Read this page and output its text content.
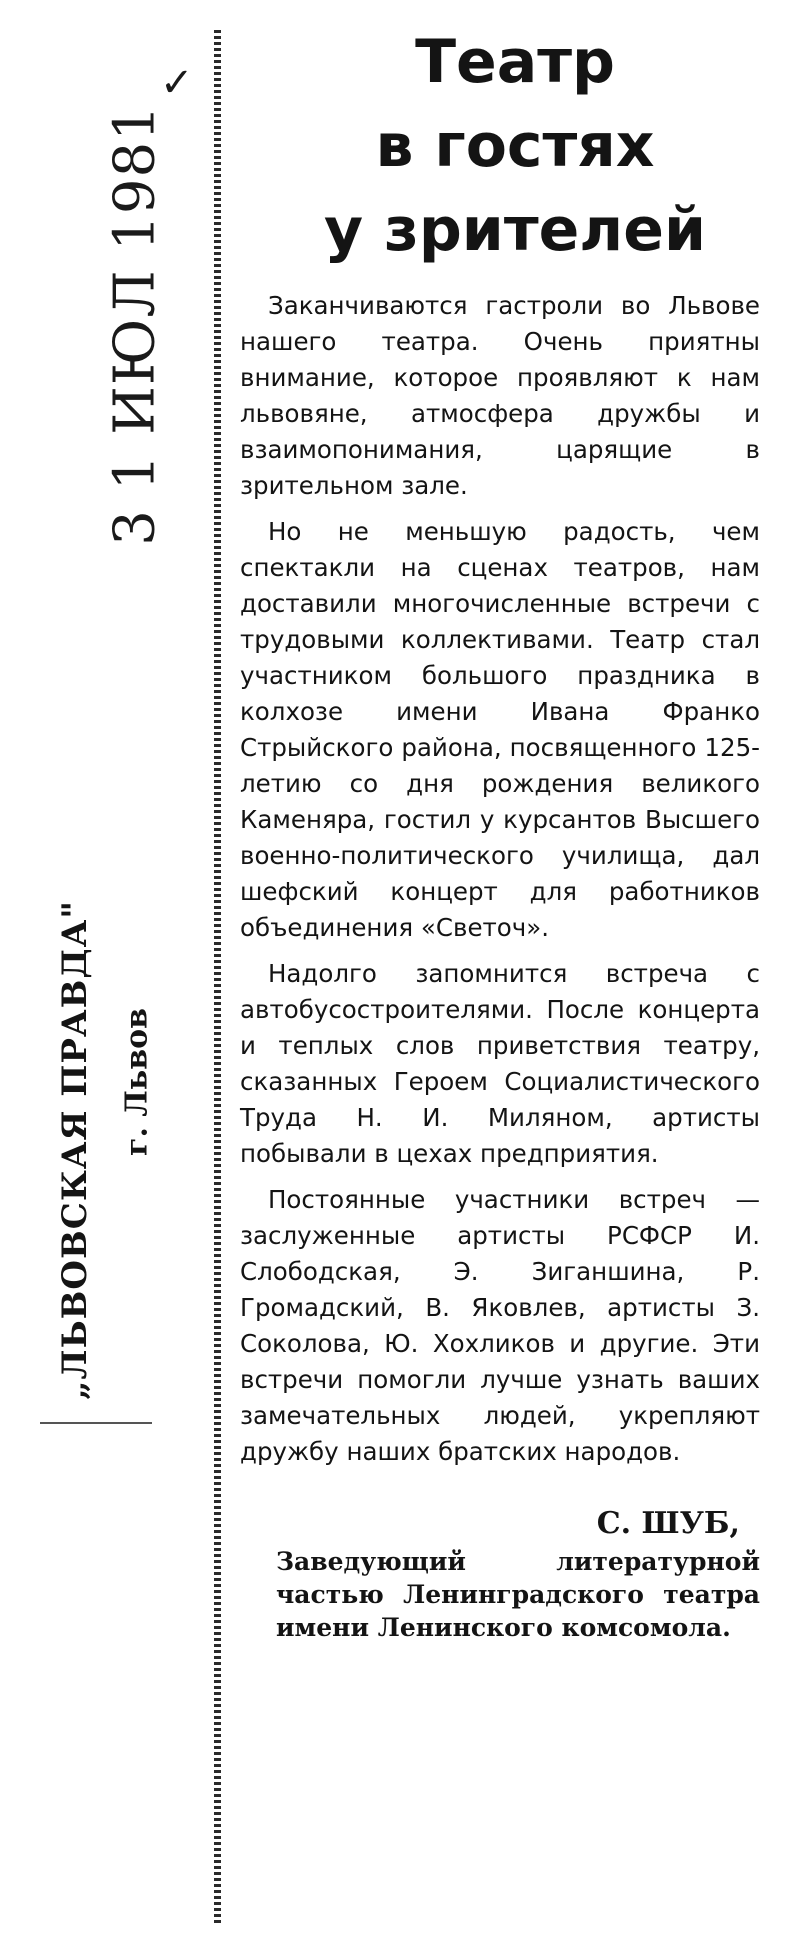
3 1 ИЮЛ 1981
✓
„ЛЬВОВСКАЯ ПРАВДА" г. Львов
Театр
в гостях
у зрителей

Заканчиваются гастроли во Львове нашего театра. Очень приятны внимание, которое проявляют к нам львовяне, атмосфера дружбы и взаимопонимания, царящие в зрительном зале.

Но не меньшую радость, чем спектакли на сценах театров, нам доставили многочисленные встречи с трудовыми коллективами. Театр стал участником большого праздника в колхозе имени Ивана Франко Стрыйского района, посвященного 125-летию со дня рождения великого Каменяра, гостил у курсантов Высшего военно-политического училища, дал шефский концерт для работников объединения «Светоч».

Надолго запомнится встреча с автобусостроителями. После концерта и теплых слов приветствия театру, сказанных Героем Социалистического Труда Н. И. Миляном, артисты побывали в цехах предприятия.

Постоянные участники встреч — заслуженные артисты РСФСР И. Слободская, Э. Зиганшина, Р. Громадский, В. Яковлев, артисты З. Соколова, Ю. Хохликов и другие. Эти встречи помогли лучше узнать ваших замечательных людей, укрепляют дружбу наших братских народов.

С. ШУБ,
Заведующий литературной частью Ленинградского театра имени Ленинского комсомола.
